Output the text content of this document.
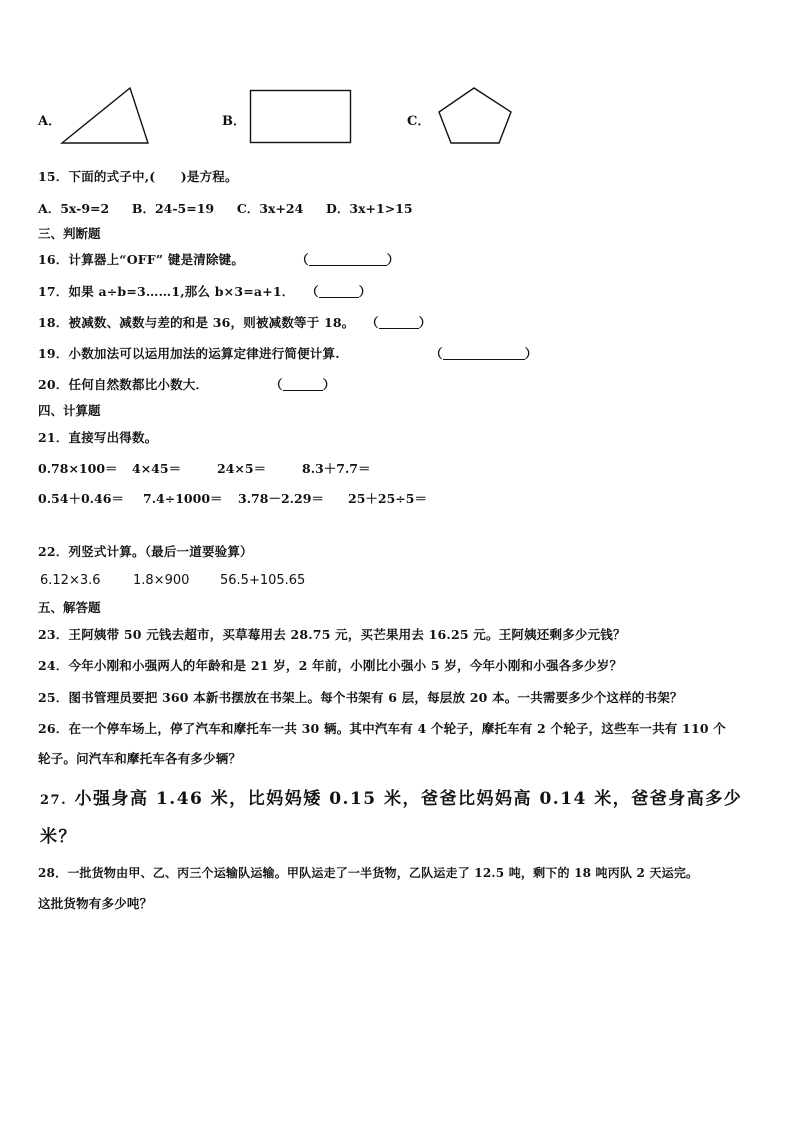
A．	B．	C．
15．下面的式子中,(　　)是方程。
A．5x-9=2 B．24-5=19 C．3x+24 D．3x+1>15
三、判断题
16．计算器上“OFF” 键是清除键。	（	）
17．如果 a÷b=3……1,那么 b×3=a+1． （	）
18．被减数、减数与差的和是 36，则被减数等于 18。 （	）
19．小数加法可以运用加法的运算定律进行简便计算.	（	）
20．任何自然数都比小数大．	（	）
四、计算题
21．直接写出得数。
0.78×100＝ 4×45＝	24×5＝	8.3＋7.7＝
0.54＋0.46＝ 7.4÷1000＝ 3.78－2.29＝ 25＋25÷5＝
22．列竖式计算。（最后一道要验算）
6.12×3.6 1.8×900 56.5+105.65
五、解答题
23．王阿姨带 50 元钱去超市，买草莓用去 28.75 元，买芒果用去 16.25 元。王阿姨还剩多少元钱？
24．今年小刚和小强两人的年龄和是 21 岁，2 年前，小刚比小强小 5 岁，今年小刚和小强各多少岁？
25．图书管理员要把 360 本新书摆放在书架上。每个书架有 6 层，每层放 20 本。一共需要多少个这样的书架？
26．在一个停车场上，停了汽车和摩托车一共 30 辆。其中汽车有 4 个轮子，摩托车有 2 个轮子，这些车一共有 110 个
轮子。问汽车和摩托车各有多少辆？
27. 小强身高 1.46 米，比妈妈矮 0.15 米，爸爸比妈妈高 0.14 米，爸爸身高多少
米？
28．一批货物由甲、乙、丙三个运输队运输。甲队运走了一半货物，乙队运走了 12.5 吨，剩下的 18 吨丙队 2 天运完。
这批货物有多少吨？
